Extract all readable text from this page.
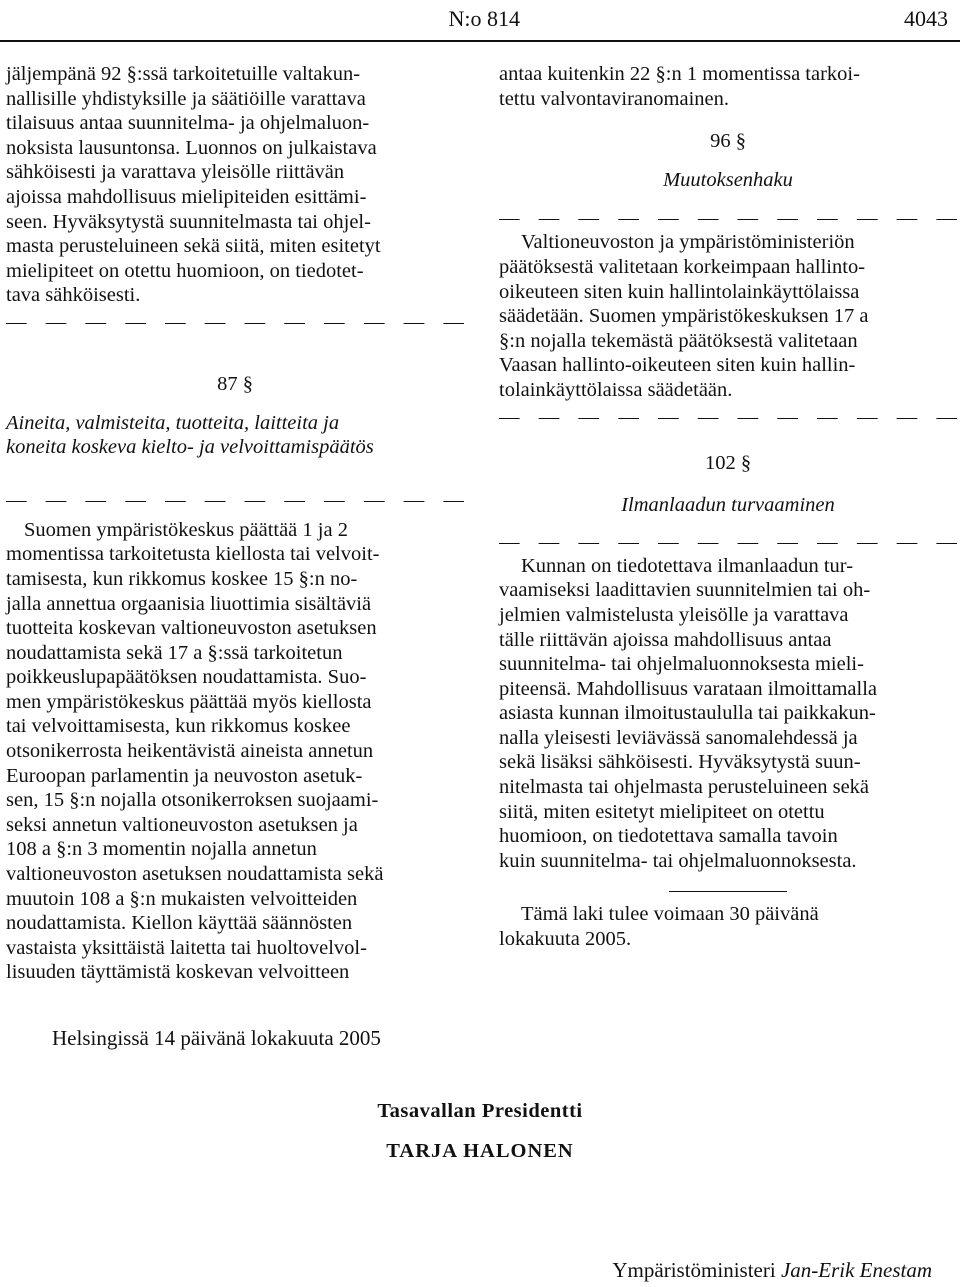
N:o 814	4043
jäljempänä 92 §:ssä tarkoitetuille valtakun-
nallisille yhdistyksille ja säätiöille varattava
tilaisuus antaa suunnitelma- ja ohjelmaluon-
noksista lausuntonsa. Luonnos on julkaistava
sähköisesti ja varattava yleisölle riittävän
ajoissa mahdollisuus mielipiteiden esittämi-
seen. Hyväksytystä suunnitelmasta tai ohjel-
masta perusteluineen sekä siitä, miten esitetyt
mielipiteet on otettu huomioon, on tiedotet-
tava sähköisesti.
— — — — — — — — — — — —
87 §
Aineita, valmisteita, tuotteita, laitteita ja
koneita koskeva kielto- ja velvoittamispäätös
— — — — — — — — — — — —
Suomen ympäristökeskus päättää 1 ja 2
momentissa tarkoitetusta kiellosta tai velvoit-
tamisesta, kun rikkomus koskee 15 §:n no-
jalla annettua orgaanisia liuottimia sisältäviä
tuotteita koskevan valtioneuvoston asetuksen
noudattamista sekä 17 a §:ssä tarkoitetun
poikkeuslupapäätöksen noudattamista. Suo-
men ympäristökeskus päättää myös kiellosta
tai velvoittamisesta, kun rikkomus koskee
otsonikerrosta heikentävistä aineista annetun
Euroopan parlamentin ja neuvoston asetuk-
sen, 15 §:n nojalla otsonikerroksen suojaami-
seksi annetun valtioneuvoston asetuksen ja
108 a §:n 3 momentin nojalla annetun
valtioneuvoston asetuksen noudattamista sekä
muutoin 108 a §:n mukaisten velvoitteiden
noudattamista. Kiellon käyttää säännösten
vastaista yksittäistä laitetta tai huoltovelvol-
lisuuden täyttämistä koskevan velvoitteen
antaa kuitenkin 22 §:n 1 momentissa tarkoi-
tettu valvontaviranomainen.
96 §
Muutoksenhaku
— — — — — — — — — — — —
Valtioneuvoston ja ympäristöministeriön
päätöksestä valitetaan korkeimpaan hallinto-
oikeuteen siten kuin hallintolainkäyttölaissa
säädetään. Suomen ympäristökeskuksen 17 a
§:n nojalla tekemästä päätöksestä valitetaan
Vaasan hallinto-oikeuteen siten kuin hallin-
tolainkäyttölaissa säädetään.
— — — — — — — — — — — —
102 §
Ilmanlaadun turvaaminen
— — — — — — — — — — — —
Kunnan on tiedotettava ilmanlaadun tur-
vaamiseksi laadittavien suunnitelmien tai oh-
jelmien valmistelusta yleisölle ja varattava
tälle riittävän ajoissa mahdollisuus antaa
suunnitelma- tai ohjelmaluonnoksesta mieli-
piteensä. Mahdollisuus varataan ilmoittamalla
asiasta kunnan ilmoitustaululla tai paikkakun-
nalla yleisesti leviävässä sanomalehdessä ja
sekä lisäksi sähköisesti. Hyväksytystä suun-
nitelmasta tai ohjelmasta perusteluineen sekä
siitä, miten esitetyt mielipiteet on otettu
huomioon, on tiedotettava samalla tavoin
kuin suunnitelma- tai ohjelmaluonnoksesta.
Tämä laki tulee voimaan 30 päivänä
lokakuuta 2005.
Helsingissä 14 päivänä lokakuuta 2005
Tasavallan Presidentti
TARJA HALONEN
Ympäristöministeri Jan-Erik Enestam
